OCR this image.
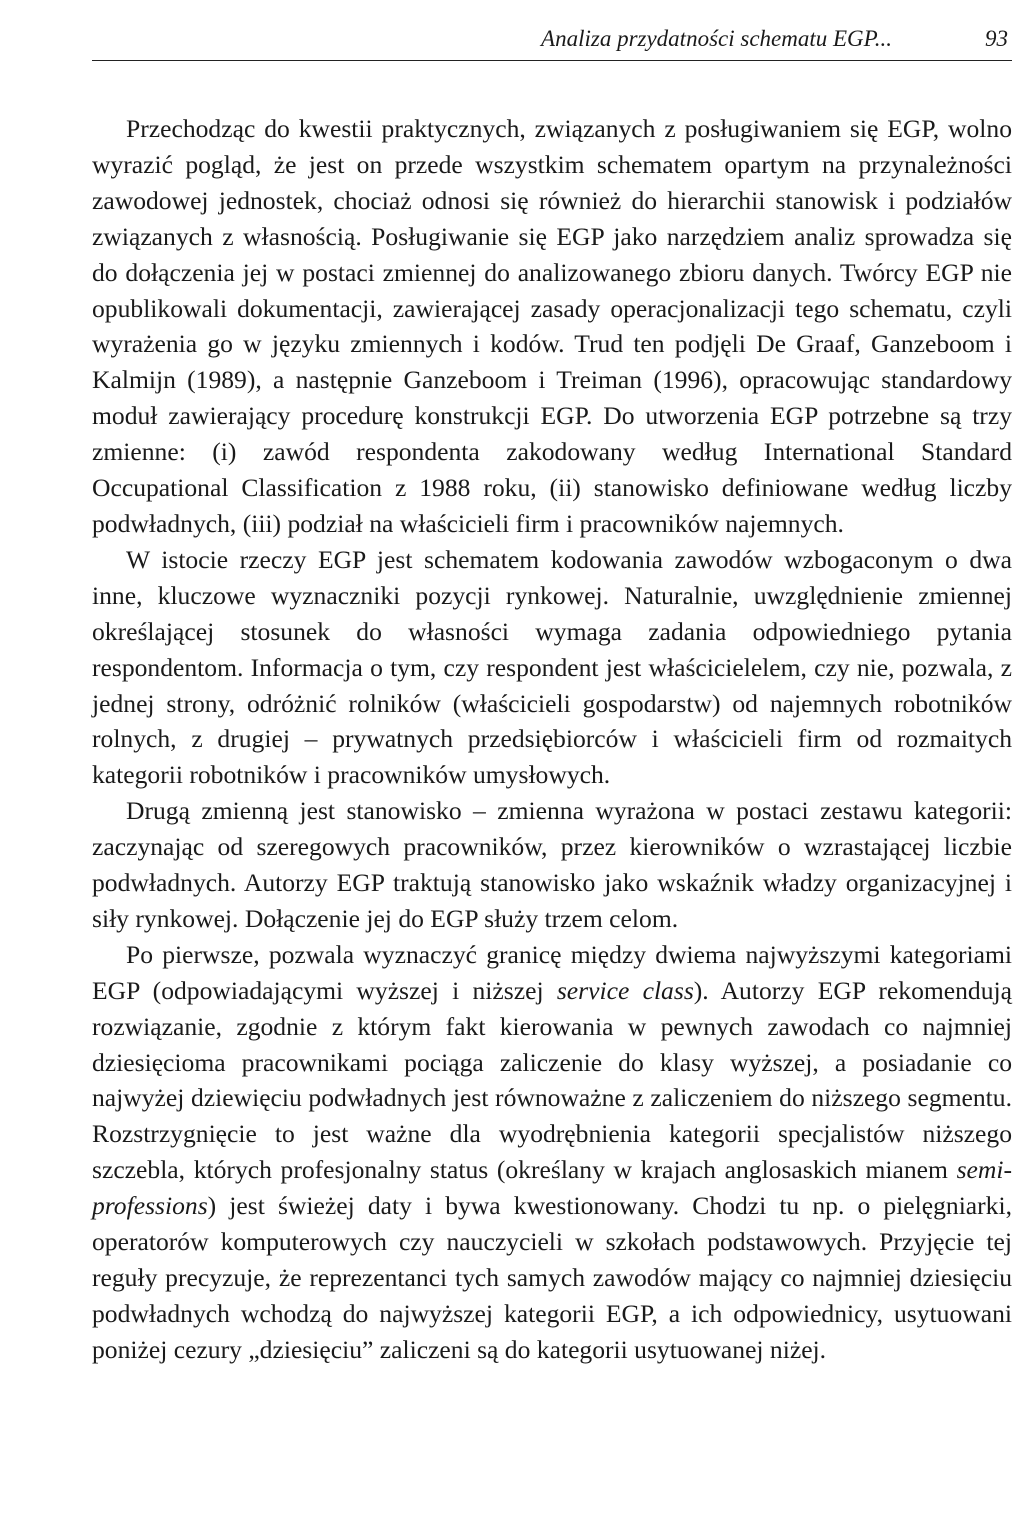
Analiza przydatności schematu EGP...	93

Przechodząc do kwestii praktycznych, związanych z posługiwaniem się EGP, wolno wyrazić pogląd, że jest on przede wszystkim schematem opartym na przynależności zawodowej jednostek, chociaż odnosi się również do hierarchii stanowisk i podziałów związanych z własnością. Posługiwanie się EGP jako narzędziem analiz sprowadza się do dołączenia jej w postaci zmiennej do analizowanego zbioru danych. Twórcy EGP nie opublikowali dokumentacji, zawierającej zasady operacjonalizacji tego schematu, czyli wyrażenia go w języku zmiennych i kodów. Trud ten podjęli De Graaf, Ganzeboom i Kalmijn (1989), a następnie Ganzeboom i Treiman (1996), opracowując standardowy moduł zawierający procedurę konstrukcji EGP. Do utworzenia EGP potrzebne są trzy zmienne: (i) zawód respondenta zakodowany według International Standard Occupational Classification z 1988 roku, (ii) stanowisko definiowane według liczby podwładnych, (iii) podział na właścicieli firm i pracowników najemnych.

W istocie rzeczy EGP jest schematem kodowania zawodów wzbogaconym o dwa inne, kluczowe wyznaczniki pozycji rynkowej. Naturalnie, uwzględnienie zmiennej określającej stosunek do własności wymaga zadania odpowiedniego pytania respondentom. Informacja o tym, czy respondent jest właścicielelem, czy nie, pozwala, z jednej strony, odróżnić rolników (właścicieli gospodarstw) od najemnych robotników rolnych, z drugiej – prywatnych przedsiębiorców i właścicieli firm od rozmaitych kategorii robotników i pracowników umysłowych.

Drugą zmienną jest stanowisko – zmienna wyrażona w postaci zestawu kategorii: zaczynając od szeregowych pracowników, przez kierowników o wzrastającej liczbie podwładnych. Autorzy EGP traktują stanowisko jako wskaźnik władzy organizacyjnej i siły rynkowej. Dołączenie jej do EGP służy trzem celom.

Po pierwsze, pozwala wyznaczyć granicę między dwiema najwyższymi kategoriami EGP (odpowiadającymi wyższej i niższej service class). Autorzy EGP rekomendują rozwiązanie, zgodnie z którym fakt kierowania w pewnych zawodach co najmniej dziesięcioma pracownikami pociąga zaliczenie do klasy wyższej, a posiadanie co najwyżej dziewięciu podwładnych jest równoważne z zaliczeniem do niższego segmentu. Rozstrzygnięcie to jest ważne dla wyodrębnienia kategorii specjalistów niższego szczebla, których profesjonalny status (określany w krajach anglosaskich mianem semi-professions) jest świeżej daty i bywa kwestionowany. Chodzi tu np. o pielęgniarki, operatorów komputerowych czy nauczycieli w szkołach podstawowych. Przyjęcie tej reguły precyzuje, że reprezentanci tych samych zawodów mający co najmniej dziesięciu podwładnych wchodzą do najwyższej kategorii EGP, a ich odpowiednicy, usytuowani poniżej cezury „dziesięciu” zaliczeni są do kategorii usytuowanej niżej.
